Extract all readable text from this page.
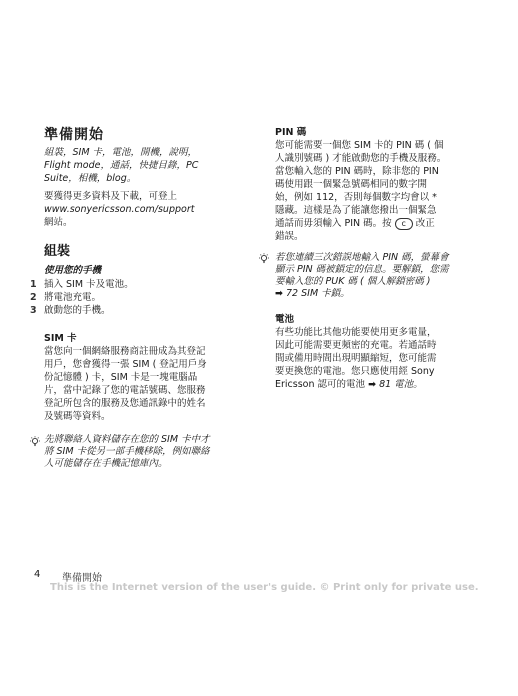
準備開始
組裝，SIM 卡，電池，開機，說明，
Flight mode，通話，快捷目錄，PC
Suite，相機，blog。
要獲得更多資料及下載，可登上
www.sonyericsson.com/support
網站。
組裝
使用您的手機
1 插入 SIM 卡及電池。
2 將電池充電。
3 啟動您的手機。
SIM 卡
當您向一個網絡服務商註冊成為其登記
用戶，您會獲得一張 SIM ( 登記用戶身
份記憶體 ) 卡，SIM 卡是一塊電腦晶
片，當中記錄了您的電話號碼、您服務
登記所包含的服務及您通訊錄中的姓名
及號碼等資料。
先將聯絡人資料儲存在您的 SIM 卡中才
將 SIM 卡從另一部手機移除，例如聯絡
人可能儲存在手機記憶庫內。
PIN 碼
您可能需要一個您 SIM 卡的 PIN 碼 ( 個
人識別號碼 ) 才能啟動您的手機及服務。
當您輸入您的 PIN 碼時，除非您的 PIN
碼使用跟一個緊急號碼相同的數字開
始，例如 112，否則每個數字均會以 *
隱藏。這樣是為了能讓您撥出一個緊急
通話而毋須輸入 PIN 碼。按 c 改正
錯誤。
若您連續三次錯誤地輸入 PIN 碼，螢幕會
顯示 PIN 碼被鎖定的信息。要解鎖，您需
要輸入您的 PUK 碼 ( 個人解鎖密碼 )
➡ 72 SIM 卡鎖。
電池
有些功能比其他功能要使用更多電量，
因此可能需要更頻密的充電。若通話時
間或備用時間出現明顯縮短，您可能需
要更換您的電池。您只應使用經 Sony
Ericsson 認可的電池 ➡ 81 電池。
4 準備開始
This is the Internet version of the user's guide. © Print only for private use.
